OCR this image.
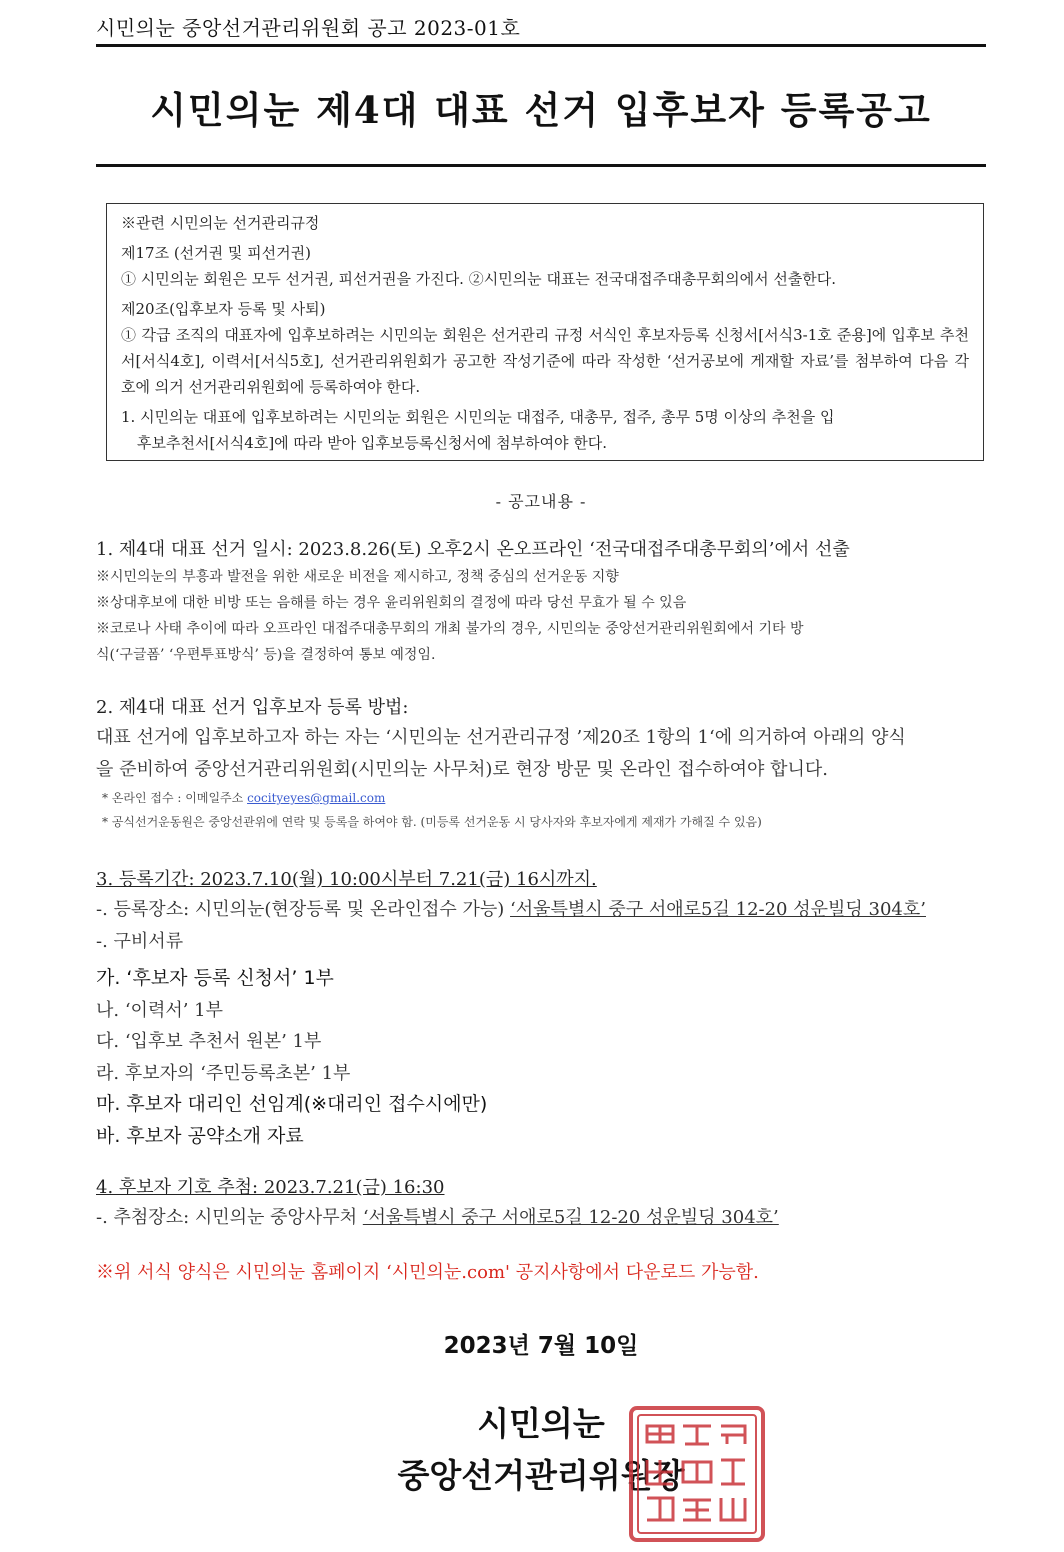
시민의눈 중앙선거관리위원회 공고 2023-01호
시민의눈 제4대 대표 선거 입후보자 등록공고

※관련 시민의눈 선거관리규정

제17조 (선거권 및 피선거권)

① 시민의눈 회원은 모두 선거권, 피선거권을 가진다. ②시민의눈 대표는 전국대접주대총무회의에서 선출한다.

제20조(입후보자 등록 및 사퇴)

① 각급 조직의 대표자에 입후보하려는 시민의눈 회원은 선거관리 규정 서식인 후보자등록 신청서[서식3-1호 준용]에 입후보 추천서[서식4호], 이력서[서식5호], 선거관리위원회가 공고한 작성기준에 따라 작성한 ‘선거공보에 게재할 자료’를 첨부하여 다음 각 호에 의거 선거관리위원회에 등록하여야 한다.

1. 시민의눈 대표에 입후보하려는 시민의눈 회원은 시민의눈 대접주, 대총무, 접주, 총무 5명 이상의 추천을 입

후보추천서[서식4호]에 따라 받아 입후보등록신청서에 첨부하여야 한다.

- 공고내용 -
1. 제4대 대표 선거 일시: 2023.8.26(토) 오후2시 온오프라인 ‘전국대접주대총무회의’에서 선출
※시민의눈의 부흥과 발전을 위한 새로운 비전을 제시하고, 정책 중심의 선거운동 지향
※상대후보에 대한 비방 또는 음해를 하는 경우 윤리위원회의 결정에 따라 당선 무효가 될 수 있음
※코로나 사태 추이에 따라 오프라인 대접주대총무회의 개최 불가의 경우, 시민의눈 중앙선거관리위원회에서 기타 방
식(‘구글폼’ ‘우편투표방식’ 등)을 결정하여 통보 예정임.
2. 제4대 대표 선거 입후보자 등록 방법:
대표 선거에 입후보하고자 하는 자는 ‘시민의눈 선거관리규정 ’제20조 1항의 1‘에 의거하여 아래의 양식
을 준비하여 중앙선거관리위원회(시민의눈 사무처)로 현장 방문 및 온라인 접수하여야 합니다.
* 온라인 접수 : 이메일주소 cocityeyes@gmail.com
* 공식선거운동원은 중앙선관위에 연락 및 등록을 하여야 함. (미등록 선거운동 시 당사자와 후보자에게 제재가 가해질 수 있음)
3. 등록기간: 2023.7.10(월) 10:00시부터 7.21(금) 16시까지.
-. 등록장소: 시민의눈(현장등록 및 온라인접수 가능) ‘서울특별시 중구 서애로5길 12-20 성운빌딩 304호’
-. 구비서류
가. ‘후보자 등록 신청서’ 1부
나. ‘이력서’ 1부
다. ‘입후보 추천서 원본’ 1부
라. 후보자의 ‘주민등록초본’ 1부
마. 후보자 대리인 선임계(※대리인 접수시에만)
바. 후보자 공약소개 자료
4. 후보자 기호 추첨: 2023.7.21(금) 16:30
-. 추첨장소: 시민의눈 중앙사무처 ‘서울특별시 중구 서애로5길 12-20 성운빌딩 304호’
※위 서식 양식은 시민의눈 홈페이지 ‘시민의눈.com' 공지사항에서 다운로드 가능함.
2023년 7월 10일
시민의눈
중앙선거관리위원장
